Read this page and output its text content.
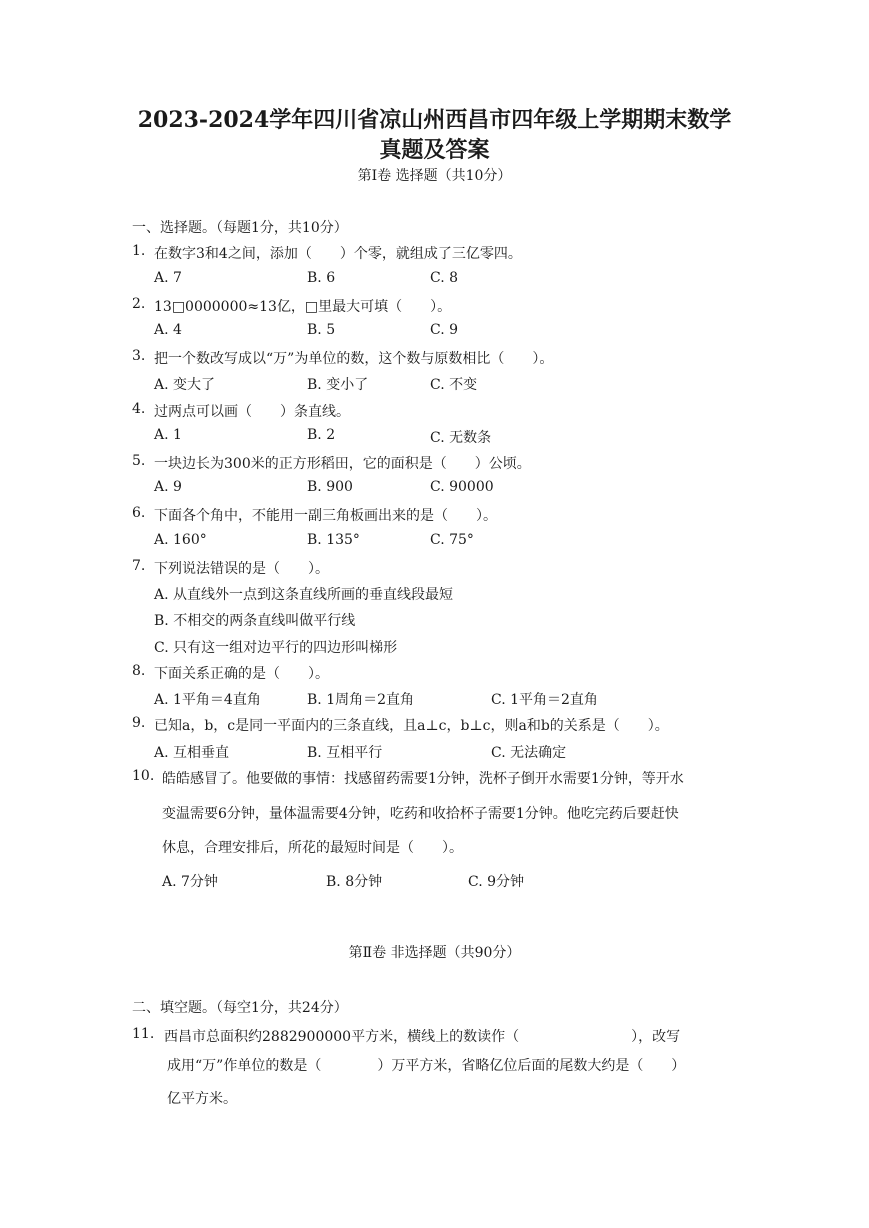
2023-2024学年四川省凉山州西昌市四年级上学期期末数学
真题及答案
第Ⅰ卷 选择题（共10分）
一、选择题。（每题1分，共10分）
1. 在数字3和4之间，添加（　　）个零，就组成了三亿零四。
A. 7	B. 6	C. 8
2. 13□0000000≈13亿，□里最大可填（　　）。
A. 4	B. 5	C. 9
3. 把一个数改写成以“万”为单位的数，这个数与原数相比（　　）。
A. 变大了	B. 变小了	C. 不变
4. 过两点可以画（　　）条直线。
A. 1	B. 2	C. 无数条
5. 一块边长为300米的正方形稻田，它的面积是（　　）公顷。
A. 9	B. 900	C. 90000
6. 下面各个角中，不能用一副三角板画出来的是（　　）。
A. 160°	B. 135°	C. 75°
7. 下列说法错误的是（　　）。
A. 从直线外一点到这条直线所画的垂直线段最短
B. 不相交的两条直线叫做平行线
C. 只有这一组对边平行的四边形叫梯形
8. 下面关系正确的是（　　）。
A. 1平角＝4直角	B. 1周角＝2直角	C. 1平角＝2直角
9. 已知a，b，c是同一平面内的三条直线，且a⊥c，b⊥c，则a和b的关系是（　　）。
A. 互相垂直	B. 互相平行	C. 无法确定
10. 皓皓感冒了。他要做的事情：找感留药需要1分钟，洗杯子倒开水需要1分钟，等开水
变温需要6分钟，量体温需要4分钟，吃药和收拾杯子需要1分钟。他吃完药后要赶快
休息，合理安排后，所花的最短时间是（　　）。
A. 7分钟	B. 8分钟	C. 9分钟
第Ⅱ卷 非选择题（共90分）
二、填空题。（每空1分，共24分）
11. 西昌市总面积约2882900000平方米，横线上的数读作（　　　　　　　　），改写
成用“万”作单位的数是（　　　　）万平方米，省略亿位后面的尾数大约是（　　）
亿平方米。
